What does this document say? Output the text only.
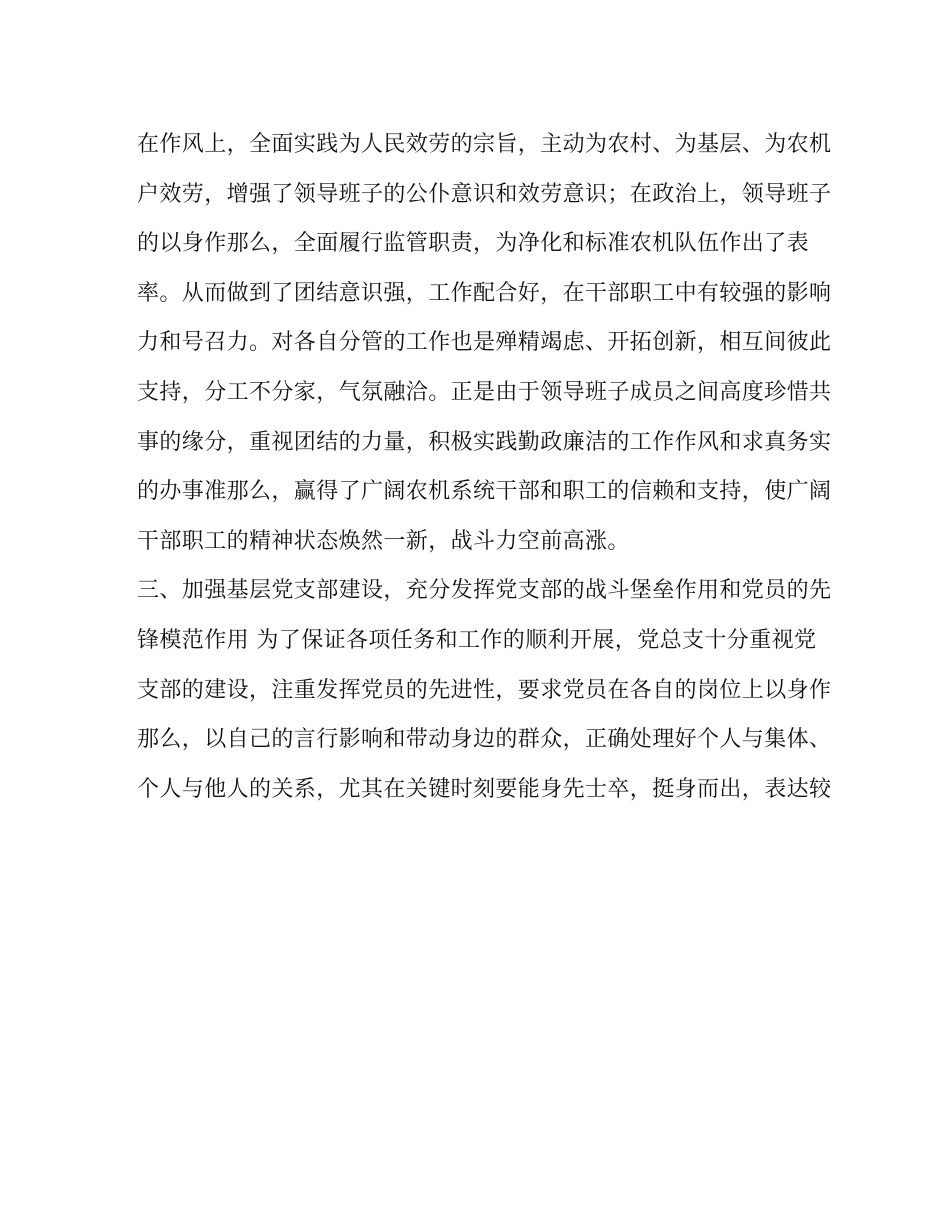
在作风上，全面实践为人民效劳的宗旨，主动为农村、为基层、为农机
户效劳，增强了领导班子的公仆意识和效劳意识；在政治上，领导班子
的以身作那么，全面履行监管职责，为净化和标准农机队伍作出了表
率。从而做到了团结意识强，工作配合好，在干部职工中有较强的影响
力和号召力。对各自分管的工作也是殚精竭虑、开拓创新，相互间彼此
支持，分工不分家，气氛融洽。正是由于领导班子成员之间高度珍惜共
事的缘分，重视团结的力量，积极实践勤政廉洁的工作作风和求真务实
的办事准那么，赢得了广阔农机系统干部和职工的信赖和支持，使广阔
干部职工的精神状态焕然一新，战斗力空前高涨。
三、加强基层党支部建设，充分发挥党支部的战斗堡垒作用和党员的先
锋模范作用 为了保证各项任务和工作的顺利开展，党总支十分重视党
支部的建设，注重发挥党员的先进性，要求党员在各自的岗位上以身作
那么，以自己的言行影响和带动身边的群众，正确处理好个人与集体、
个人与他人的关系，尤其在关键时刻要能身先士卒，挺身而出，表达较
